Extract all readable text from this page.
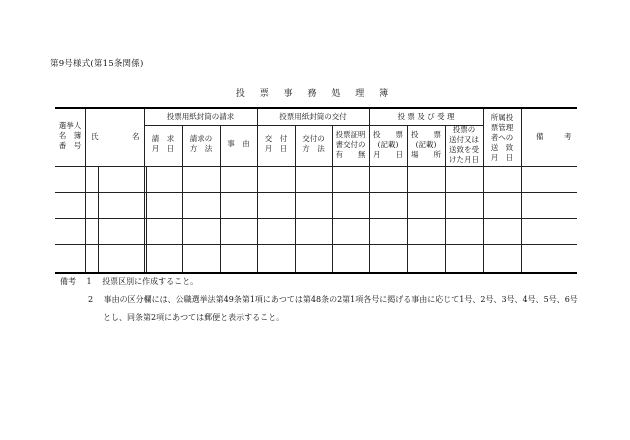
第9号様式(第15条関係)
投 票 事 務 処 理 簿
選挙人
名　簿
番　号
氏	名
投票用紙封筒の請求
請　求
月　日
請求の
方　法
事　由
投票用紙封筒の交付
交　付
月　日
交付の
方　法
投票証明
書交付の
有　　無
投 票 及 び 受 理
投　　票
(記載)
月　　日
投　　票
(記載)
場　　所
投票の
送付又は
送致を受
けた月日
所属投
票管理
者への
送　致
月　日
備	考
備考 1 投票区別に作成すること。
2 事由の区分欄には、公職選挙法第49条第1項にあつては第48条の2第1項各号に掲げる事由に応じて1号、2号、3号、4号、5号、6号
とし、同条第2項にあつては郵便と表示すること。
